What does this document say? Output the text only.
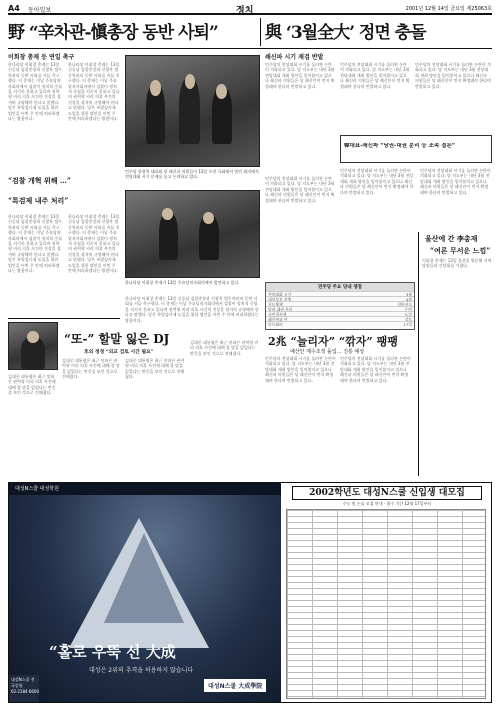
A4 동아일보	정치	2001년 12월 14일 금요일 제25063호
野 “辛차관-愼총장 동반 사퇴”	與 ‘3월全大’ 정면 충돌
이회창 총재 등 연일 촉구
한나라당 이회창 총재는 13일 신승남 검찰총장과 신광옥 법무차관의 동반 사퇴를 거듭 촉구했다. 이 총재는 이날 주요당직자회의에서 검찰이 정치적 중립을 지키지 못하고 있다며 권력형 비리 의혹 사건의 진상을 철저히 규명해야 한다고 말했다. 당은 특별검사제 도입을 위한 법안을 이번 주 안에 처리하겠다는 방침이다.
한나라당 이회창 총재는 13일 신승남 검찰총장과 신광옥 법무차관의 동반 사퇴를 거듭 촉구했다. 이 총재는 이날 주요당직자회의에서 검찰이 정치적 중립을 지키지 못하고 있다며 권력형 비리 의혹 사건의 진상을 철저히 규명해야 한다고 말했다. 당은 특별검사제 도입을 위한 법안을 이번 주 안에 처리하겠다는 방침이다.
“검찰 개혁 위해 …”
“특검제 내주 처리”
한나라당 이회창 총재는 13일 신승남 검찰총장과 신광옥 법무차관의 동반 사퇴를 거듭 촉구했다. 이 총재는 이날 주요당직자회의에서 검찰이 정치적 중립을 지키지 못하고 있다며 권력형 비리 의혹 사건의 진상을 철저히 규명해야 한다고 말했다. 당은 특별검사제 도입을 위한 법안을 이번 주 안에 처리하겠다는 방침이다.
한나라당 이회창 총재는 13일 신승남 검찰총장과 신광옥 법무차관의 동반 사퇴를 거듭 촉구했다. 이 총재는 이날 주요당직자회의에서 검찰이 정치적 중립을 지키지 못하고 있다며 권력형 비리 의혹 사건의 진상을 철저히 규명해야 한다고 말했다. 당은 특별검사제 도입을 위한 법안을 이번 주 안에 처리하겠다는 방침이다.
민주당 한광옥 대표와 당 쇄신파 의원들이 13일 오전 국회에서 열린 회의에서 전당대회 시기 문제를 놓고 논의하고 있다.
한나라당 이회창 총재가 13일 주요당직자회의에서 발언하고 있다.
한나라당 이회창 총재는 13일 신승남 검찰총장과 신광옥 법무차관의 동반 사퇴를 거듭 촉구했다. 이 총재는 이날 주요당직자회의에서 검찰이 정치적 중립을 지키지 못하고 있다며 권력형 비리 의혹 사건의 진상을 철저히 규명해야 한다고 말했다. 당은 특별검사제 도입을 위한 법안을 이번 주 안에 처리하겠다는 방침이다.
쇄신파 시기 재검 반발
민주당의 전당대회 시기를 둘러싼 논란이 격화되고 있다. 당 지도부는 내년 3월 전당대회 개최 방안을 밀어붙이고 있으나 쇄신파 의원들은 당 쇄신안이 먼저 확정돼야 한다며 반발하고 있다.
민주당의 전당대회 시기를 둘러싼 논란이 격화되고 있다. 당 지도부는 내년 3월 전당대회 개최 방안을 밀어붙이고 있으나 쇄신파 의원들은 당 쇄신안이 먼저 확정돼야 한다며 반발하고 있다.
민주당의 전당대회 시기를 둘러싼 논란이 격화되고 있다. 당 지도부는 내년 3월 전당대회 개최 방안을 밀어붙이고 있으나 쇄신파 의원들은 당 쇄신안이 먼저 확정돼야 한다며 반발하고 있다.
韓대표-쇄신파 “당권-대권 분리 등 조속 결론”
민주당의 전당대회 시기를 둘러싼 논란이 격화되고 있다. 당 지도부는 내년 3월 전당대회 개최 방안을 밀어붙이고 있으나 쇄신파 의원들은 당 쇄신안이 먼저 확정돼야 한다며 반발하고 있다.
민주당의 전당대회 시기를 둘러싼 논란이 격화되고 있다. 당 지도부는 내년 3월 전당대회 개최 방안을 밀어붙이고 있으나 쇄신파 의원들은 당 쇄신안이 먼저 확정돼야 한다며 반발하고 있다.
민주당의 전당대회 시기를 둘러싼 논란이 격화되고 있다. 당 지도부는 내년 3월 전당대회 개최 방안을 밀어붙이고 있으나 쇄신파 의원들은 당 쇄신안이 먼저 확정돼야 한다며 반발하고 있다.
민주당 주요 당내 쟁점
전당대회 시기	3월
대선후보 선출	4월
지도체제	집단지도
당권-대권 분리	논란
국민경선제	도입
쇄신특위 안	검토
당무회의	17일
2兆 “늘리자” “깎자” 팽팽
예산안 계수조정 돌입… 진통 예상
민주당의 전당대회 시기를 둘러싼 논란이 격화되고 있다. 당 지도부는 내년 3월 전당대회 개최 방안을 밀어붙이고 있으나 쇄신파 의원들은 당 쇄신안이 먼저 확정돼야 한다며 반발하고 있다.
민주당의 전당대회 시기를 둘러싼 논란이 격화되고 있다. 당 지도부는 내년 3월 전당대회 개최 방안을 밀어붙이고 있으나 쇄신파 의원들은 당 쇄신안이 먼저 확정돼야 한다며 반발하고 있다.
울산에 간 李총재
“여론 무서운 느낌”
이회창 총재는 13일 울산을 방문해 지역 당원들과 간담회를 가졌다.
“또-” 할말 잃은 DJ
호외 정정 “외교 검토 시간 필요”
김대중 대통령은 최근 잇따른 권력형 비리 의혹 사건에 대해 할 말을 잃었다는 반응을 보인 것으로 전해졌다.
김대중 대통령은 최근 잇따른 권력형 비리 의혹 사건에 대해 할 말을 잃었다는 반응을 보인 것으로 전해졌다.
김대중 대통령은 최근 잇따른 권력형 비리 의혹 사건에 대해 할 말을 잃었다는 반응을 보인 것으로 전해졌다.
김대중 대통령은 최근 잇따른 권력형 비리 의혹 사건에 대해 할 말을 잃었다는 반응을 보인 것으로 전해졌다.
대성N스쿨 대성학원
“홀로 우뚝 선 大成
대성은 2위의 추격을 허용하지 않습니다
대성N스쿨 전국종합 02·2184·6600
대성N스쿨 大成學院
2002학년도 대성N스쿨 신입생 대모집
수능 및 논술 모집 안내 · 접수 기간 12월 17일부터
